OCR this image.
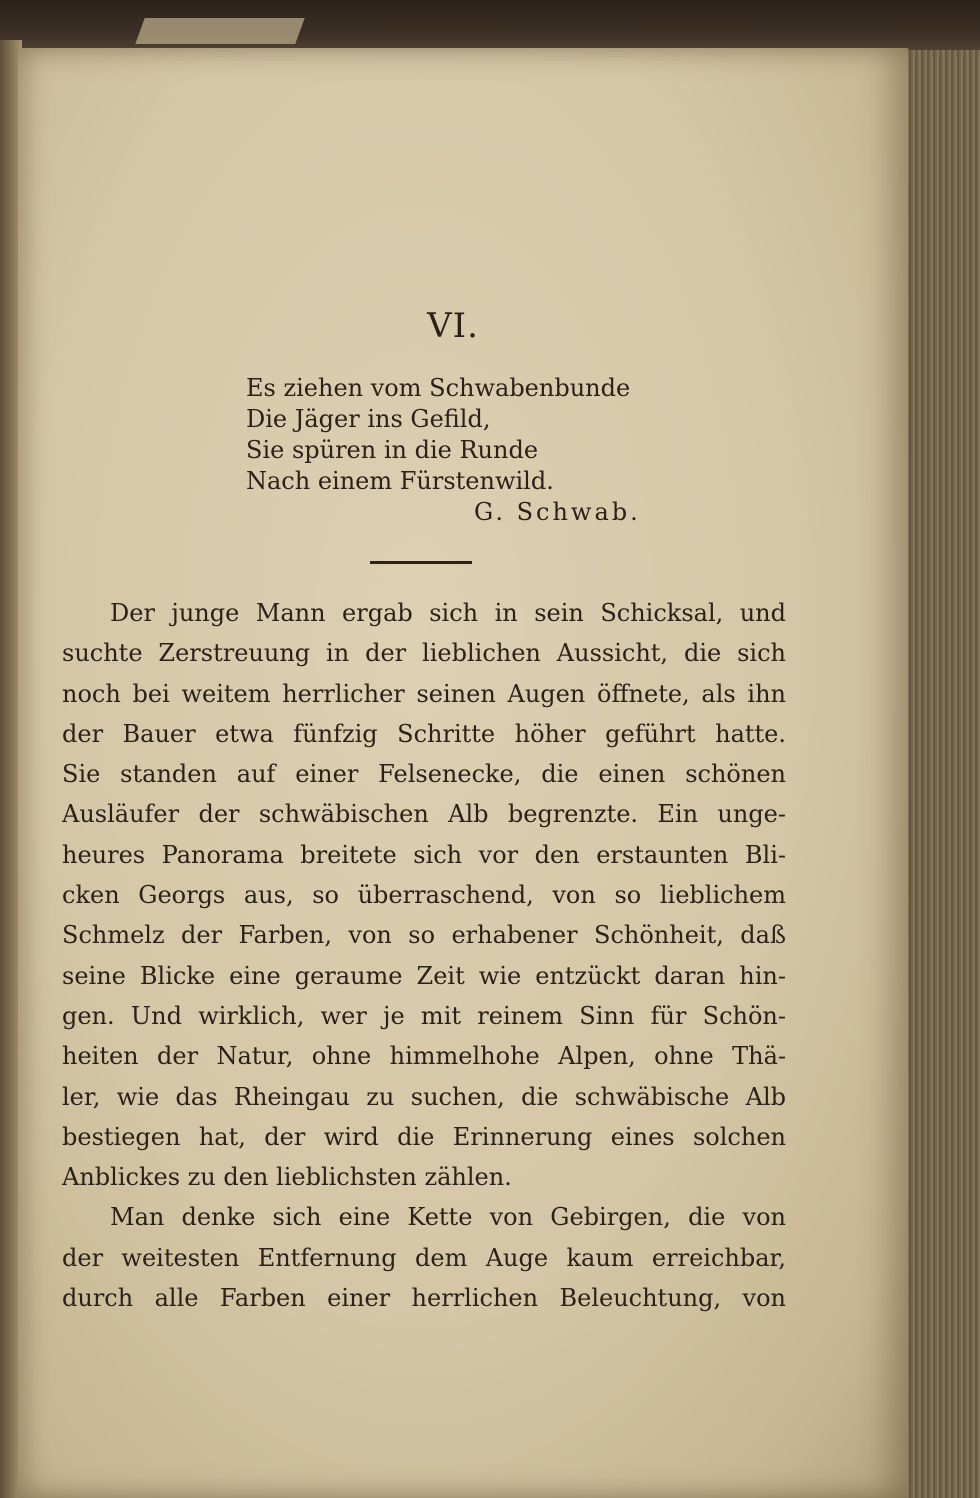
VI.
Es ziehen vom Schwabenbunde
Die Jäger ins Gefild,
Sie spüren in die Runde
Nach einem Fürstenwild.
G. Schwab.
Der junge Mann ergab sich in sein Schicksal, und
suchte Zerstreuung in der lieblichen Aussicht, die sich
noch bei weitem herrlicher seinen Augen öffnete, als ihn
der Bauer etwa fünfzig Schritte höher geführt hatte.
Sie standen auf einer Felsenecke, die einen schönen
Ausläufer der schwäbischen Alb begrenzte. Ein unge-
heures Panorama breitete sich vor den erstaunten Bli-
cken Georgs aus, so überraschend, von so lieblichem
Schmelz der Farben, von so erhabener Schönheit, daß
seine Blicke eine geraume Zeit wie entzückt daran hin-
gen. Und wirklich, wer je mit reinem Sinn für Schön-
heiten der Natur, ohne himmelhohe Alpen, ohne Thä-
ler, wie das Rheingau zu suchen, die schwäbische Alb
bestiegen hat, der wird die Erinnerung eines solchen
Anblickes zu den lieblichsten zählen.
Man denke sich eine Kette von Gebirgen, die von
der weitesten Entfernung dem Auge kaum erreichbar,
durch alle Farben einer herrlichen Beleuchtung, von
